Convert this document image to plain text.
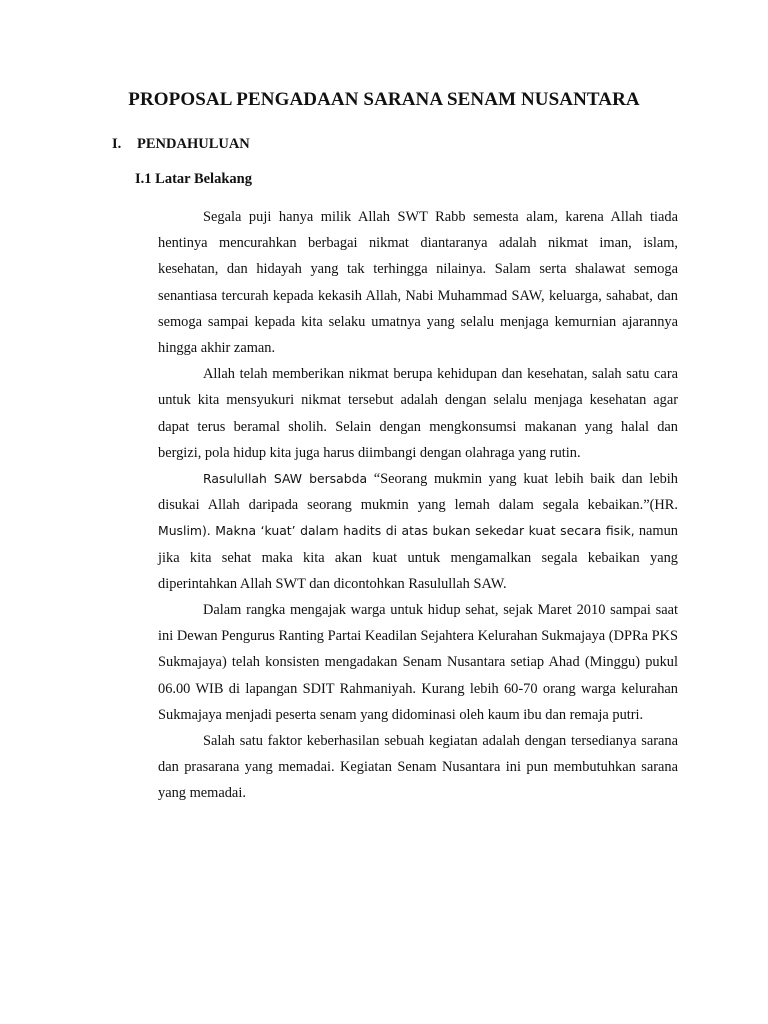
PROPOSAL PENGADAAN SARANA SENAM NUSANTARA
I. PENDAHULUAN
I.1 Latar Belakang

Segala puji hanya milik Allah SWT Rabb semesta alam, karena Allah tiada hentinya mencurahkan berbagai nikmat diantaranya adalah nikmat iman, islam, kesehatan, dan hidayah yang tak terhingga nilainya. Salam serta shalawat semoga senantiasa tercurah kepada kekasih Allah, Nabi Muhammad SAW, keluarga, sahabat, dan semoga sampai kepada kita selaku umatnya yang selalu menjaga kemurnian ajarannya hingga akhir zaman.

Allah telah memberikan nikmat berupa kehidupan dan kesehatan, salah satu cara untuk kita mensyukuri nikmat tersebut adalah dengan selalu menjaga kesehatan agar dapat terus beramal sholih. Selain dengan mengkonsumsi makanan yang halal dan bergizi, pola hidup kita juga harus diimbangi dengan olahraga yang rutin.

Rasulullah SAW bersabda “Seorang mukmin yang kuat lebih baik dan lebih disukai Allah daripada seorang mukmin yang lemah dalam segala kebaikan.”(HR. Muslim). Makna ‘kuat’ dalam hadits di atas bukan sekedar kuat secara fisik, namun jika kita sehat maka kita akan kuat untuk mengamalkan segala kebaikan yang diperintahkan Allah SWT dan dicontohkan Rasulullah SAW.

Dalam rangka mengajak warga untuk hidup sehat, sejak Maret 2010 sampai saat ini Dewan Pengurus Ranting Partai Keadilan Sejahtera Kelurahan Sukmajaya (DPRa PKS Sukmajaya) telah konsisten mengadakan Senam Nusantara setiap Ahad (Minggu) pukul 06.00 WIB di lapangan SDIT Rahmaniyah. Kurang lebih 60-70 orang warga kelurahan Sukmajaya menjadi peserta senam yang didominasi oleh kaum ibu dan remaja putri.

Salah satu faktor keberhasilan sebuah kegiatan adalah dengan tersedianya sarana dan prasarana yang memadai. Kegiatan Senam Nusantara ini pun membutuhkan sarana yang memadai.
